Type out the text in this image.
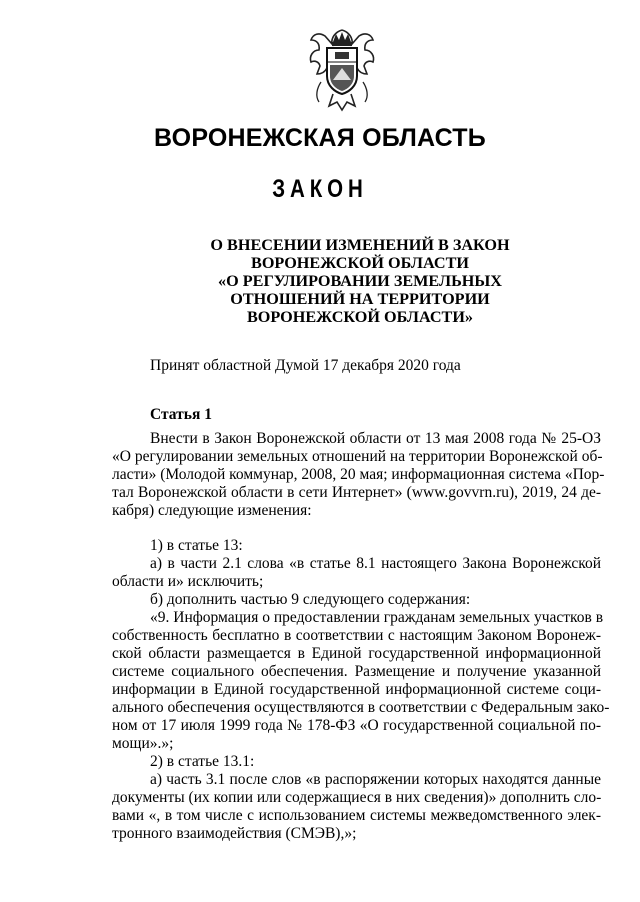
ВОРОНЕЖСКАЯ ОБЛАСТЬ
ЗАКОН
О ВНЕСЕНИИ ИЗМЕНЕНИЙ В ЗАКОН
ВОРОНЕЖСКОЙ ОБЛАСТИ
«О РЕГУЛИРОВАНИИ ЗЕМЕЛЬНЫХ
ОТНОШЕНИЙ НА ТЕРРИТОРИИ
ВОРОНЕЖСКОЙ ОБЛАСТИ»
Принят областной Думой 17 декабря 2020 года
Статья 1
Внести в Закон Воронежской области от 13 мая 2008 года № 25-ОЗ
«О регулировании земельных отношений на территории Воронежской об-
ласти» (Молодой коммунар, 2008, 20 мая; информационная система «Пор-
тал Воронежской области в сети Интернет» (www.govvrn.ru), 2019, 24 де-
кабря) следующие изменения:
1) в статье 13:
а) в части 2.1 слова «в статье 8.1 настоящего Закона Воронежской
области и» исключить;
б) дополнить частью 9 следующего содержания:
«9. Информация о предоставлении гражданам земельных участков в
собственность бесплатно в соответствии с настоящим Законом Воронеж-
ской области размещается в Единой государственной информационной
системе социального обеспечения. Размещение и получение указанной
информации в Единой государственной информационной системе соци-
ального обеспечения осуществляются в соответствии с Федеральным зако-
ном от 17 июля 1999 года № 178-ФЗ «О государственной социальной по-
мощи».»;
2) в статье 13.1:
а) часть 3.1 после слов «в распоряжении которых находятся данные
документы (их копии или содержащиеся в них сведения)» дополнить сло-
вами «, в том числе с использованием системы межведомственного элек-
тронного взаимодействия (СМЭВ),»;
